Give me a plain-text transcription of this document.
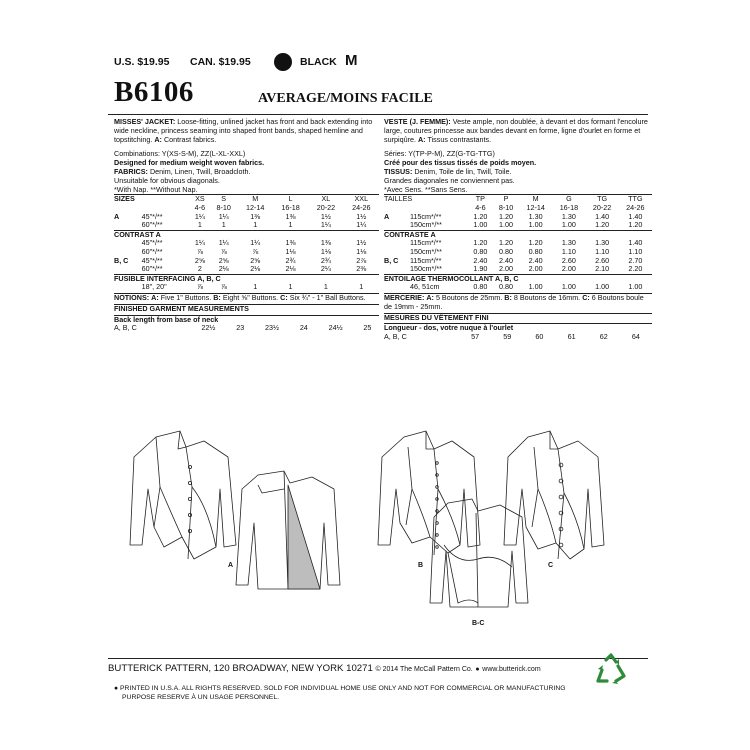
U.S. $19.95 CAN. $19.95	BLACK M
B6106	AVERAGE/MOINS FACILE

MISSES' JACKET: Loose-fitting, unlined jacket has front and back extending into wide neckline, princess seaming into shaped front bands, shaped hemline and topstitching. A: Contrast fabrics.

Combinations: Y(XS-S-M), ZZ(L-XL-XXL)

Designed for medium weight woven fabrics.

FABRICS: Denim, Linen, Twill, Broadcloth.

Unsuitable for obvious diagonals.

*With Nap. **Without Nap.

SIZES		XS	S	M	L	XL	XXL
		4-6	8-10	12-14	16-18	20-22	24-26
A	45"*/**	1¼	1¼	1⅜	1⅜	1½	1½
	60"*/**	1	1	1	1	1¼	1¼
CONTRAST A							
	45"*/**	1¼	1¼	1¼	1⅜	1⅜	1½
	60"*/**	⅞	⅞	⅞	1⅛	1⅛	1⅛
B, C	45"*/**	2⅝	2⅝	2⅝	2¾	2¾	2⅞
	60"*/**	2	2⅛	2⅛	2⅛	2¼	2⅜
FUSIBLE INTERFACING A, B, C							
	18", 20"	⅞	⅞	1	1	1	1

NOTIONS: A: Five 1" Buttons. B: Eight ⅝" Buttons. C: Six ¾" - 1" Ball Buttons.

FINISHED GARMENT MEASUREMENTS

Back length from base of neck

A, B, C	22½	23	23½	24	24½	25

VESTE (J. FEMME): Veste ample, non doublée, à devant et dos formant l'encolure large, coutures princesse aux bandes devant en forme, ligne d'ourlet en forme et surpiqûre. A: Tissus contrastants.

Séries: Y(TP-P-M), ZZ(G-TG-TTG)

Créé pour des tissus tissés de poids moyen.

TISSUS: Denim, Toile de lin, Twill, Toile.

Grandes diagonales ne conviennent pas.

*Avec Sens. **Sans Sens.

TAILLES		TP	P	M	G	TG	TTG
		4-6	8-10	12-14	16-18	20-22	24-26
A	115cm*/**	1.20	1.20	1.30	1.30	1.40	1.40
	150cm*/**	1.00	1.00	1.00	1.00	1.20	1.20
CONTRASTE A							
	115cm*/**	1.20	1.20	1.20	1.30	1.30	1.40
	150cm*/**	0.80	0.80	0.80	1.10	1.10	1.10
B, C	115cm*/**	2.40	2.40	2.40	2.60	2.60	2.70
	150cm*/**	1.90	2.00	2.00	2.00	2.10	2.20
ENTOILAGE THERMOCOLLANT A, B, C							
	46, 51cm	0.80	0.80	1.00	1.00	1.00	1.00

MERCERIE: A: 5 Boutons de 25mm. B: 8 Boutons de 16mm. C: 6 Boutons boule de 19mm - 25mm.

MESURES DU VÊTEMENT FINI

Longueur - dos, votre nuque à l'ourlet

A, B, C	57	59	60	61	62	64
A	B	C
B-C
BUTTERICK PATTERN, 120 BROADWAY, NEW YORK 10271 © 2014 The McCall Pattern Co. ● www.butterick.com
● PRINTED IN U.S.A. ALL RIGHTS RESERVED. SOLD FOR INDIVIDUAL HOME USE ONLY AND NOT FOR COMMERCIAL OR MANUFACTURING
PURPOSE RESERVE À UN USAGE PERSONNEL.
